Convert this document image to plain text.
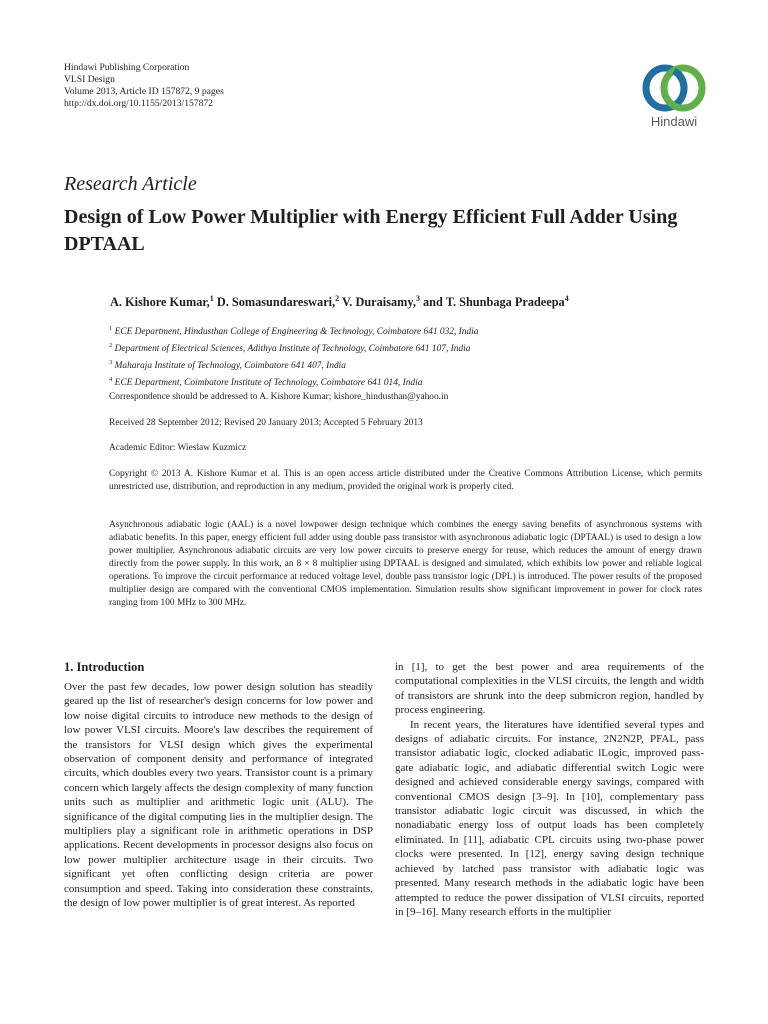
Hindawi Publishing Corporation
VLSI Design
Volume 2013, Article ID 157872, 9 pages
http://dx.doi.org/10.1155/2013/157872
Hindawi
Research Article
Design of Low Power Multiplier with Energy Efficient Full Adder Using DPTAAL
A. Kishore Kumar,$^1$ D. Somasundareswari,$^2$ V. Duraisamy,$^3$ and T. Shunbaga Pradeepa$^4$
$^1$ ECE Department, Hindusthan College of Engineering & Technology, Coimbatore 641 032, India
$^2$ Department of Electrical Sciences, Adithya Institute of Technology, Coimbatore 641 107, India
$^3$ Maharaja Institute of Technology, Coimbatore 641 407, India
$^4$ ECE Department, Coimbatore Institute of Technology, Coimbatore 641 014, India
Correspondence should be addressed to A. Kishore Kumar; kishore_hindusthan@yahoo.in
Received 28 September 2012; Revised 20 January 2013; Accepted 5 February 2013
Academic Editor: Wieslaw Kuzmicz
Copyright © 2013 A. Kishore Kumar et al. This is an open access article distributed under the Creative Commons Attribution License, which permits unrestricted use, distribution, and reproduction in any medium, provided the original work is properly cited.
Asynchronous adiabatic logic (AAL) is a novel lowpower design technique which combines the energy saving benefits of asynchronous systems with adiabatic benefits. In this paper, energy efficient full adder using double pass transistor with asynchronous adiabatic logic (DPTAAL) is used to design a low power multiplier. Asynchronous adiabatic circuits are very low power circuits to preserve energy for reuse, which reduces the amount of energy drawn directly from the power supply. In this work, an 8 × 8 multiplier using DPTAAL is designed and simulated, which exhibits low power and reliable logical operations. To improve the circuit performance at reduced voltage level, double pass transistor logic (DPL) is introduced. The power results of the proposed multiplier design are compared with the conventional CMOS implementation. Simulation results show significant improvement in power for clock rates ranging from 100 MHz to 300 MHz.
1. Introduction

Over the past few decades, low power design solution has steadily geared up the list of researcher's design concerns for low power and low noise digital circuits to introduce new methods to the design of low power VLSI circuits. Moore's law describes the requirement of the transistors for VLSI design which gives the experimental observation of component density and performance of integrated circuits, which doubles every two years. Transistor count is a primary concern which largely affects the design complexity of many function units such as multiplier and arithmetic logic unit (ALU). The significance of the digital computing lies in the multiplier design. The multipliers play a significant role in arithmetic operations in DSP applications. Recent developments in processor designs also focus on low power multiplier architecture usage in their circuits. Two significant yet often conflicting design criteria are power consumption and speed. Taking into consideration these constraints, the design of low power multiplier is of great interest. As reported

in [1], to get the best power and area requirements of the computational complexities in the VLSI circuits, the length and width of transistors are shrunk into the deep submicron region, handled by process engineering.

In recent years, the literatures have identified several types and designs of adiabatic circuits. For instance, 2N2N2P, PFAL, pass transistor adiabatic logic, clocked adiabatic lLogic, improved pass-gate adiabatic logic, and adiabatic differential switch Logic were designed and achieved considerable energy savings, compared with conventional CMOS design [3–9]. In [10], complementary pass transistor adiabatic logic circuit was discussed, in which the nonadiabatic energy loss of output loads has been completely eliminated. In [11], adiabatic CPL circuits using two-phase power clocks were presented. In [12], energy saving design technique achieved by latched pass transistor with adiabatic logic was presented. Many research methods in the adiabatic logic have been attempted to reduce the power dissipation of VLSI circuits, reported in [9–16]. Many research efforts in the multiplier
